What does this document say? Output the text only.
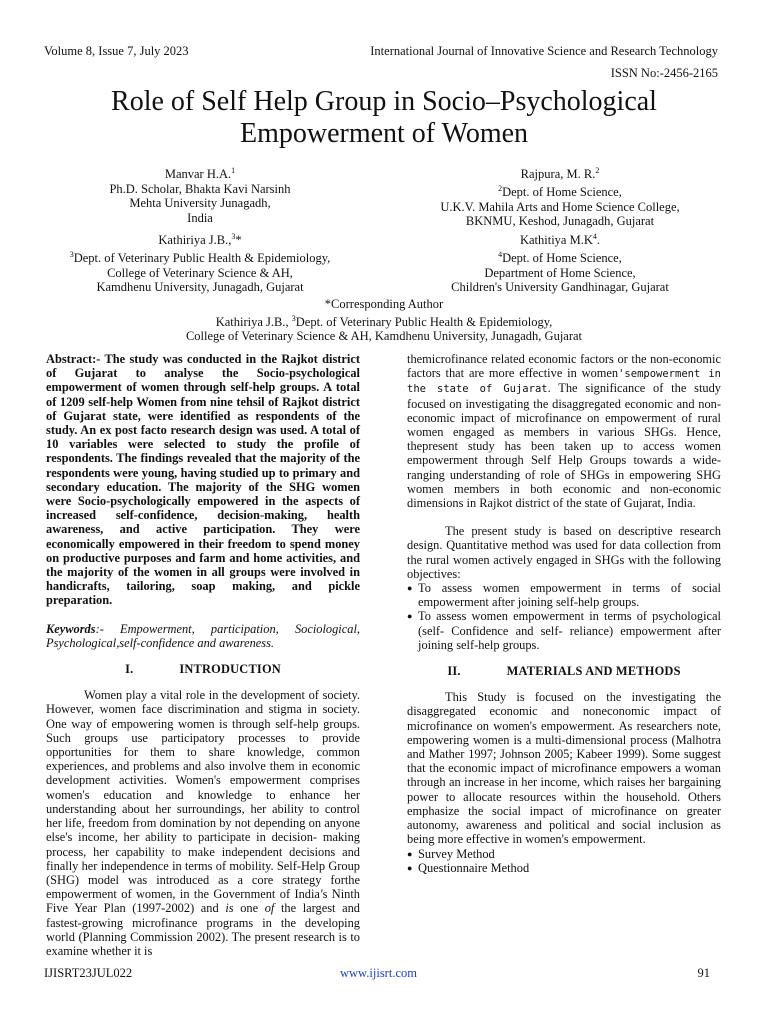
Volume 8, Issue 7, July 2023	International Journal of Innovative Science and Research Technology
ISSN No:-2456-2165
Role of Self Help Group in Socio–Psychological
Empowerment of Women
Manvar H.A.$^1$
Ph.D. Scholar, Bhakta Kavi Narsinh
Mehta University Junagadh,
India
Rajpura, M. R.$^2$
$^2$Dept. of Home Science,
U.K.V. Mahila Arts and Home Science College,
BKNMU, Keshod, Junagadh, Gujarat
Kathiriya J.B.,$^3$*
$^3$Dept. of Veterinary Public Health & Epidemiology,
College of Veterinary Science & AH,
Kamdhenu University, Junagadh, Gujarat
Kathitiya $M.K^4$.
$^4$Dept. of Home Science,
Department of Home Science,
Children's University Gandhinagar, Gujarat
*Corresponding Author
Kathiriya J.B., $^3$Dept. of Veterinary Public Health & Epidemiology,
College of Veterinary Science & AH, Kamdhenu University, Junagadh, Gujarat

Abstract:- The study was conducted in the Rajkot district of Gujarat to analyse the Socio-psychological empowerment of women through self-help groups. A total of 1209 self-help Women from nine tehsil of Rajkot district of Gujarat state, were identified as respondents of the study. An ex post facto research design was used. A total of 10 variables were selected to study the profile of respondents. The findings revealed that the majority of the respondents were young, having studied up to primary and secondary education. The majority of the SHG women were Socio-psychologically empowered in the aspects of increased self-confidence, decision-making, health awareness, and active participation. They were economically empowered in their freedom to spend money on productive purposes and farm and home activities, and the majority of the women in all groups were involved in handicrafts, tailoring, soap making, and pickle preparation.

Keywords:- Empowerment, participation, Sociological, Psychological,self-confidence and awareness.

I.	INTRODUCTION

Women play a vital role in the development of society. However, women face discrimination and stigma in society. One way of empowering women is through self-help groups. Such groups use participatory processes to provide opportunities for them to share knowledge, common experiences, and problems and also involve them in economic development activities. Women's empowerment comprises women's education and knowledge to enhance her understanding about her surroundings, her ability to control her life, freedom from domination by not depending on anyone else's income, her ability to participate in decision- making process, her capability to make independent decisions and finally her independence in terms of mobility. Self-Help Group (SHG) model was introduced as a core strategy forthe empowerment of women, in the Government of India's Ninth Five Year Plan (1997-2002) and is one of the largest and fastest-growing microfinance programs in the developing world (Planning Commission 2002). The present research is to examine whether it is

themicrofinance related economic factors or the non-economic factors that are more effective in women'sempowerment in the state of Gujarat. The significance of the study focused on investigating the disaggregated economic and non-economic impact of microfinance on empowerment of rural women engaged as members in various SHGs. Hence, thepresent study has been taken up to access women empowerment through Self Help Groups towards a wide-ranging understanding of role of SHGs in empowering SHG women members in both economic and non-economic dimensions in Rajkot district of the state of Gujarat, India.

The present study is based on descriptive research design. Quantitative method was used for data collection from the rural women actively engaged in SHGs with the following objectives:

● To assess women empowerment in terms of social empowerment after joining self-help groups.
● To assess women empowerment in terms of psychological (self- Confidence and self- reliance) empowerment after joining self-help groups.
II.	MATERIALS AND METHODS

This Study is focused on the investigating the disaggregated economic and noneconomic impact of microfinance on women's empowerment. As researchers note, empowering women is a multi-dimensional process (Malhotra and Mather 1997; Johnson 2005; Kabeer 1999). Some suggest that the economic impact of microfinance empowers a woman through an increase in her income, which raises her bargaining power to allocate resources within the household. Others emphasize the social impact of microfinance on greater autonomy, awareness and political and social inclusion as being more effective in women's empowerment.

● Survey Method
● Questionnaire Method
IJISRT23JUL022	www.ijisrt.com	91
